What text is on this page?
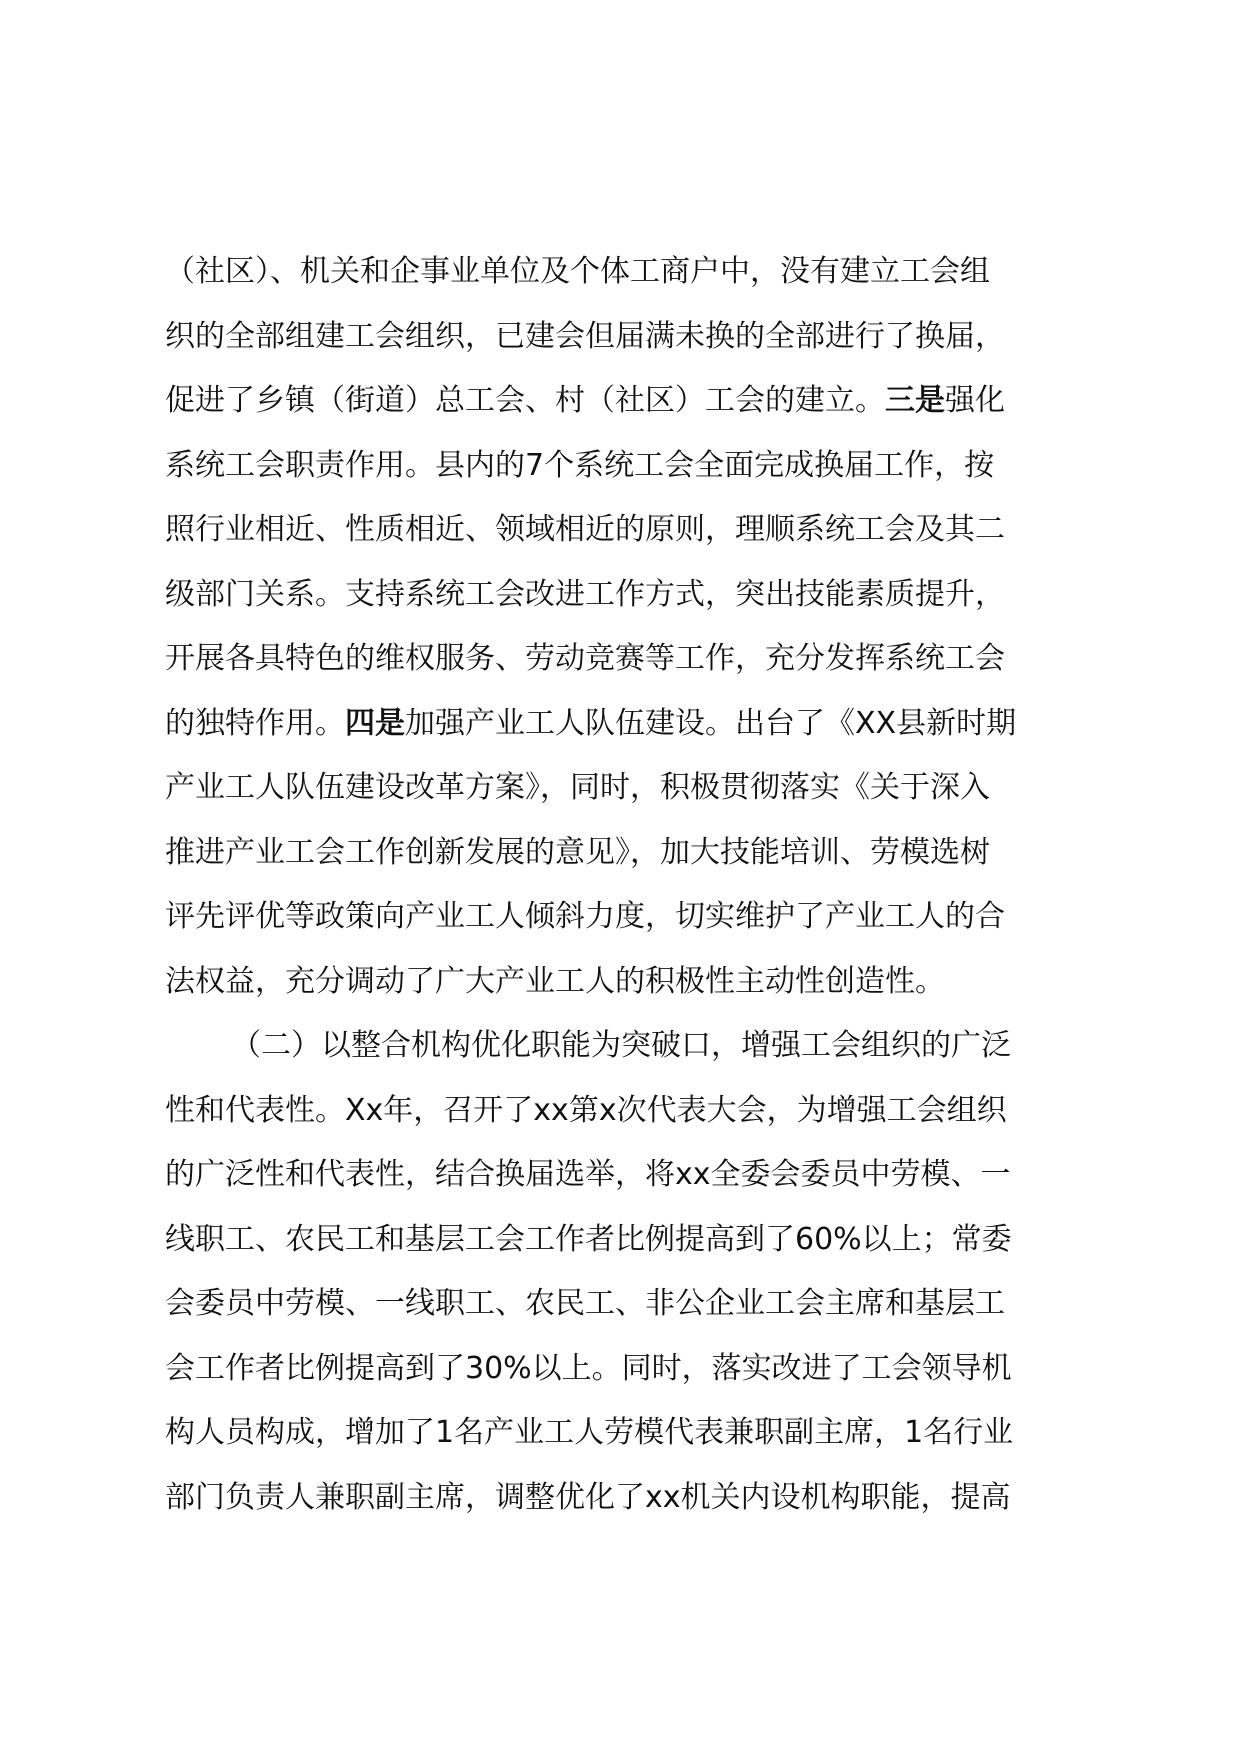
（社区）、机关和企事业单位及个体工商户中，没有建立工会组
织的全部组建工会组织，已建会但届满未换的全部进行了换届，
促进了乡镇（街道）总工会、村（社区）工会的建立。三是强化
系统工会职责作用。县内的7个系统工会全面完成换届工作，按
照行业相近、性质相近、领域相近的原则，理顺系统工会及其二
级部门关系。支持系统工会改进工作方式，突出技能素质提升，
开展各具特色的维权服务、劳动竞赛等工作，充分发挥系统工会
的独特作用。四是加强产业工人队伍建设。出台了《XX县新时期
产业工人队伍建设改革方案》，同时，积极贯彻落实《关于深入
推进产业工会工作创新发展的意见》，加大技能培训、劳模选树
评先评优等政策向产业工人倾斜力度，切实维护了产业工人的合
法权益，充分调动了广大产业工人的积极性主动性创造性。
（二）以整合机构优化职能为突破口，增强工会组织的广泛
性和代表性。Xx年，召开了xx第x次代表大会，为增强工会组织
的广泛性和代表性，结合换届选举，将xx全委会委员中劳模、一
线职工、农民工和基层工会工作者比例提高到了60%以上；常委
会委员中劳模、一线职工、农民工、非公企业工会主席和基层工
会工作者比例提高到了30%以上。同时，落实改进了工会领导机
构人员构成，增加了1名产业工人劳模代表兼职副主席，1名行业
部门负责人兼职副主席，调整优化了xx机关内设机构职能，提高
